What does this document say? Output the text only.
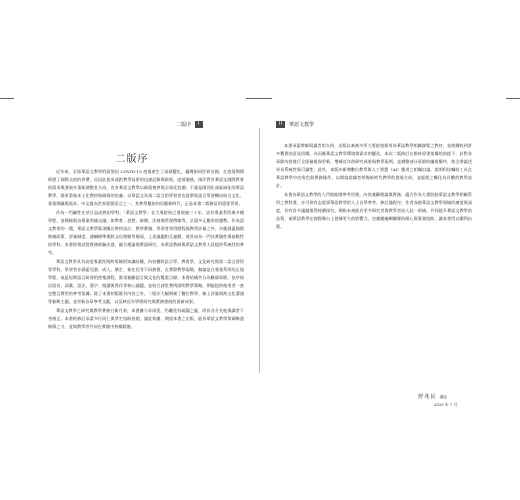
二版序	I
二版序

近年來，全球華語文教學的面貌因 COVID-19 疫情產生了深刻變化，臺灣如同世界各國，在疫情期間經歷了國際交流的停滯，也因此促成遠距教學技術的迅速記錄與新展。疫情過後，兩岸對於華語文國際教育的需求與發展亦重新調整其方向，也有華語文教學以新面貌參與全球化浪潮，不論是國別化或區域化的華語教學，都更重視本土化教材與師資的培養；以華語文為第二語言的學習者也從單純語言學習轉向結合文化、專業與職場需求。中文做為世界重要語言之一，其教學應如何回應新時代，正是本書二版修訂的重要背景。

作為一門屬性在於日益成熟的學科，「華語文教學」在大專院校已發展逾三十年，設有專業系所與多種學程，並積極與各專業領域交融，如教育、思想、新聞、法商與管理傳媒等，呈現多元應用的趨勢。作為語文教育的一環，華語文教學除須關注教材設計、教學實踐、學習者習得歷程與教學評量之外，亦應涵蓋國際推廣政策、評量制度、課綱標準與跨文化理解等層面，上述議題相互連動，使其成為一門具實踐性與前瞻性的學科。本書即嘗試從實務經驗出發，融合理論與實證研究，為華語教師與華語文教學人員提供系統性的參考。

華語文教學具有高度專業性與跨領域的知識結構，內容橫跨語言學、教育學、文化研究與第二語言習得等學科。學習者亦涵蓋兒童、成人、僑生、新住民等不同族群，在實際教學現場，無論是在專業系所的正規學程，或是短期語言研習的密集課程，都須兼顧語言與文化的雙重目標。本書結構共分為數個章節，依序探討語音、詞彙、語法、漢字、閱讀與寫作等核心議題，並結合課堂實例說明教學策略，期能提供使用者一套完整且實用的參考依據。除了本書初版既有內容之外，二版亦大幅增補了數位教學、線上評量與跨文化溝通等新興主題，並更新各章參考文獻，以反映近年學術研究與實務發展的最新成果。

華語文教學之研究與教學實務日新月異，本書雖力求周延，仍難免有疏漏之處，尚祈各方先進與讀者不吝指正。本書的修訂承蒙多位同仁與學生協助校閱，謹此致謝。期望本書之出版，能為華語文教學領域略盡棉薄之力，並與教學者共同在實踐中持續精進。

II	華語文教學

本書承蒙教師與讀者的支持，出版以來被多所大專院校採用為華語教學相關課程之教材，並陸續收到許多寶貴的意見回饋。為因應華語文教學環境與需求的變化，本次二版修訂在維持原書架構的前提下，針對各章節內容進行全面檢視與更新，增補近年的研究成果與教學案例，並調整部分章節的編排順序，使全書論述更具系統性與可讀性。此外，本版亦新增數位教學與人工智慧（AI）應用之相關討論，說明科技輔助工具在華語教學中的角色與實務操作，以期協助讀者掌握新時代教學的發展方向，並能將之轉化為具體的教學設計。

本書為華語文教學的入門與進階參考用書，內容兼顧理論與實務，適合作為大專院校華語文教學相關系所之教科書，亦可供有志從事華語教學的人士自學參考。修訂過程中，作者深感華語文教學領域的廣度與深度，仍有許多議題值得持續探究，期盼未來能有更多研究者與教學者投入此一領域，共同提升華語文教學的品質，使華語教學在國際舞台上發揮更大的影響力，也謝謝編輯團隊的耐心與專業協助，讓本書得以順利出版。

舒兆民 謹誌
2025 年 7 月
